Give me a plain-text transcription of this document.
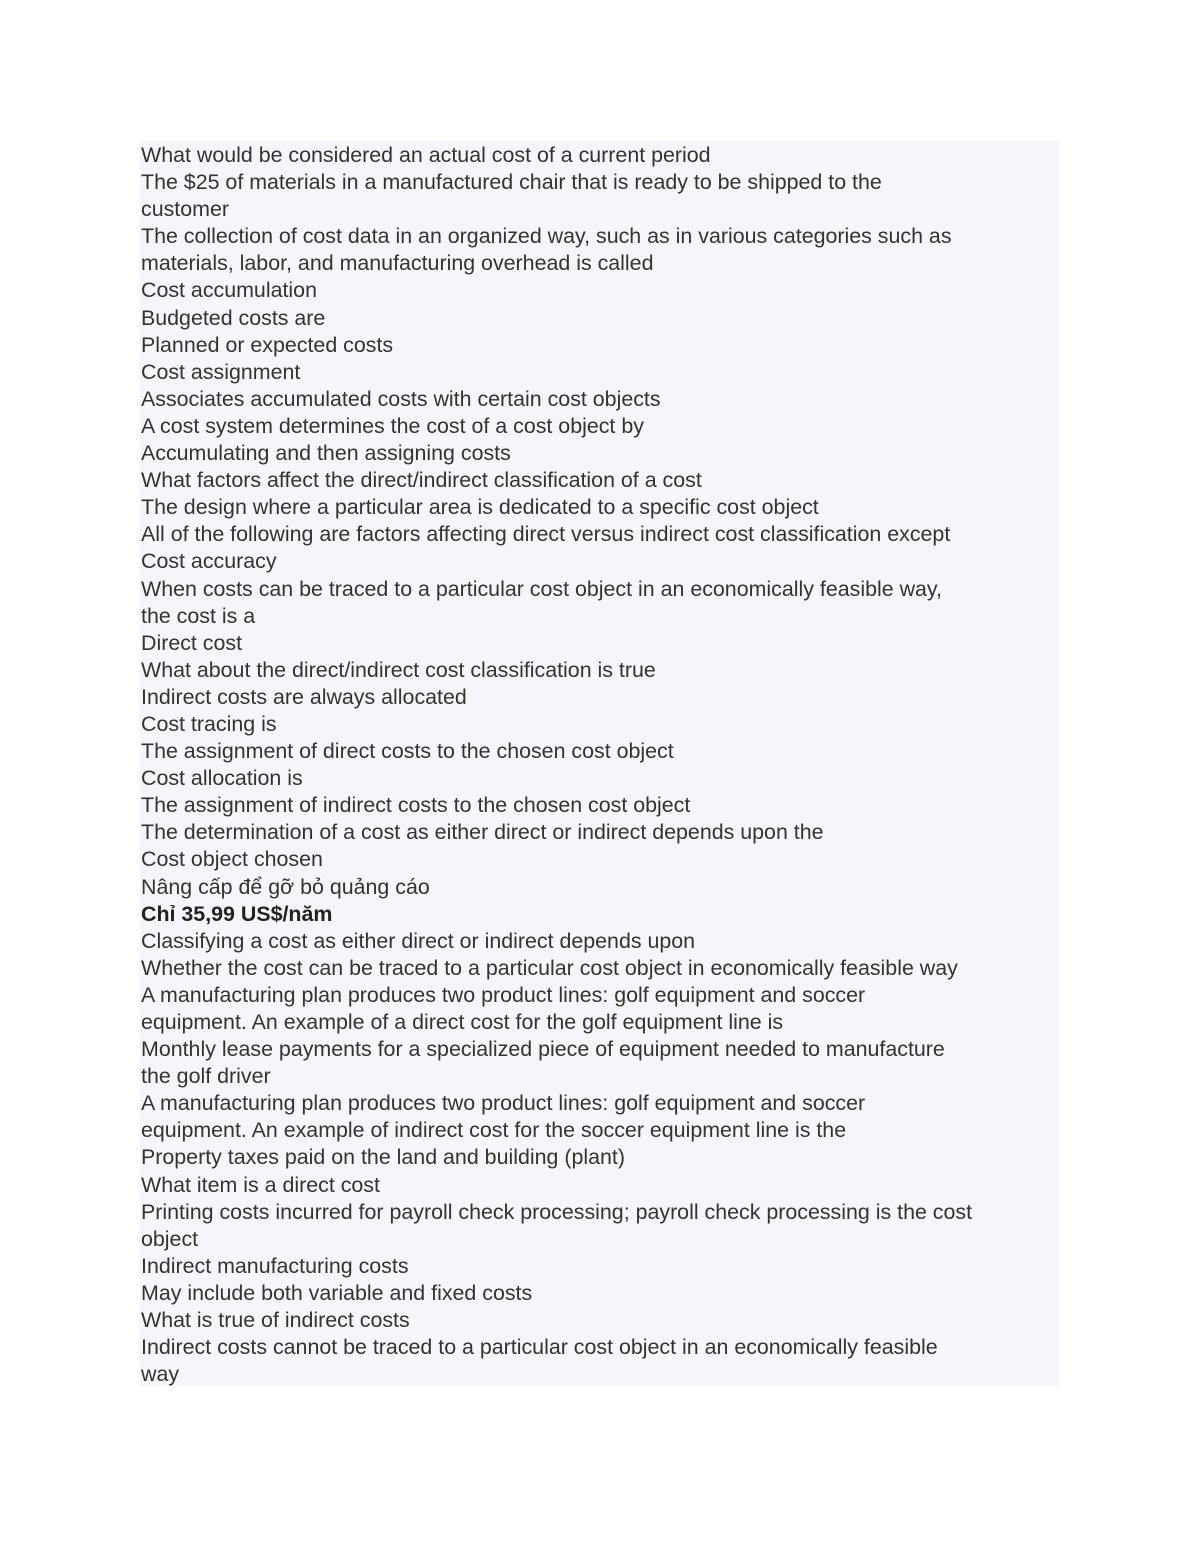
What would be considered an actual cost of a current period

The $25 of materials in a manufactured chair that is ready to be shipped to the

customer

The collection of cost data in an organized way, such as in various categories such as

materials, labor, and manufacturing overhead is called

Cost accumulation

Budgeted costs are

Planned or expected costs

Cost assignment

Associates accumulated costs with certain cost objects

A cost system determines the cost of a cost object by

Accumulating and then assigning costs

What factors affect the direct/indirect classification of a cost

The design where a particular area is dedicated to a specific cost object

All of the following are factors affecting direct versus indirect cost classification except

Cost accuracy

When costs can be traced to a particular cost object in an economically feasible way,

the cost is a

Direct cost

What about the direct/indirect cost classification is true

Indirect costs are always allocated

Cost tracing is

The assignment of direct costs to the chosen cost object

Cost allocation is

The assignment of indirect costs to the chosen cost object

The determination of a cost as either direct or indirect depends upon the

Cost object chosen

Nâng cấp để gỡ bỏ quảng cáo

Chỉ 35,99 US$/năm

Classifying a cost as either direct or indirect depends upon

Whether the cost can be traced to a particular cost object in economically feasible way

A manufacturing plan produces two product lines: golf equipment and soccer

equipment. An example of a direct cost for the golf equipment line is

Monthly lease payments for a specialized piece of equipment needed to manufacture

the golf driver

A manufacturing plan produces two product lines: golf equipment and soccer

equipment. An example of indirect cost for the soccer equipment line is the

Property taxes paid on the land and building (plant)

What item is a direct cost

Printing costs incurred for payroll check processing; payroll check processing is the cost

object

Indirect manufacturing costs

May include both variable and fixed costs

What is true of indirect costs

Indirect costs cannot be traced to a particular cost object in an economically feasible

way
